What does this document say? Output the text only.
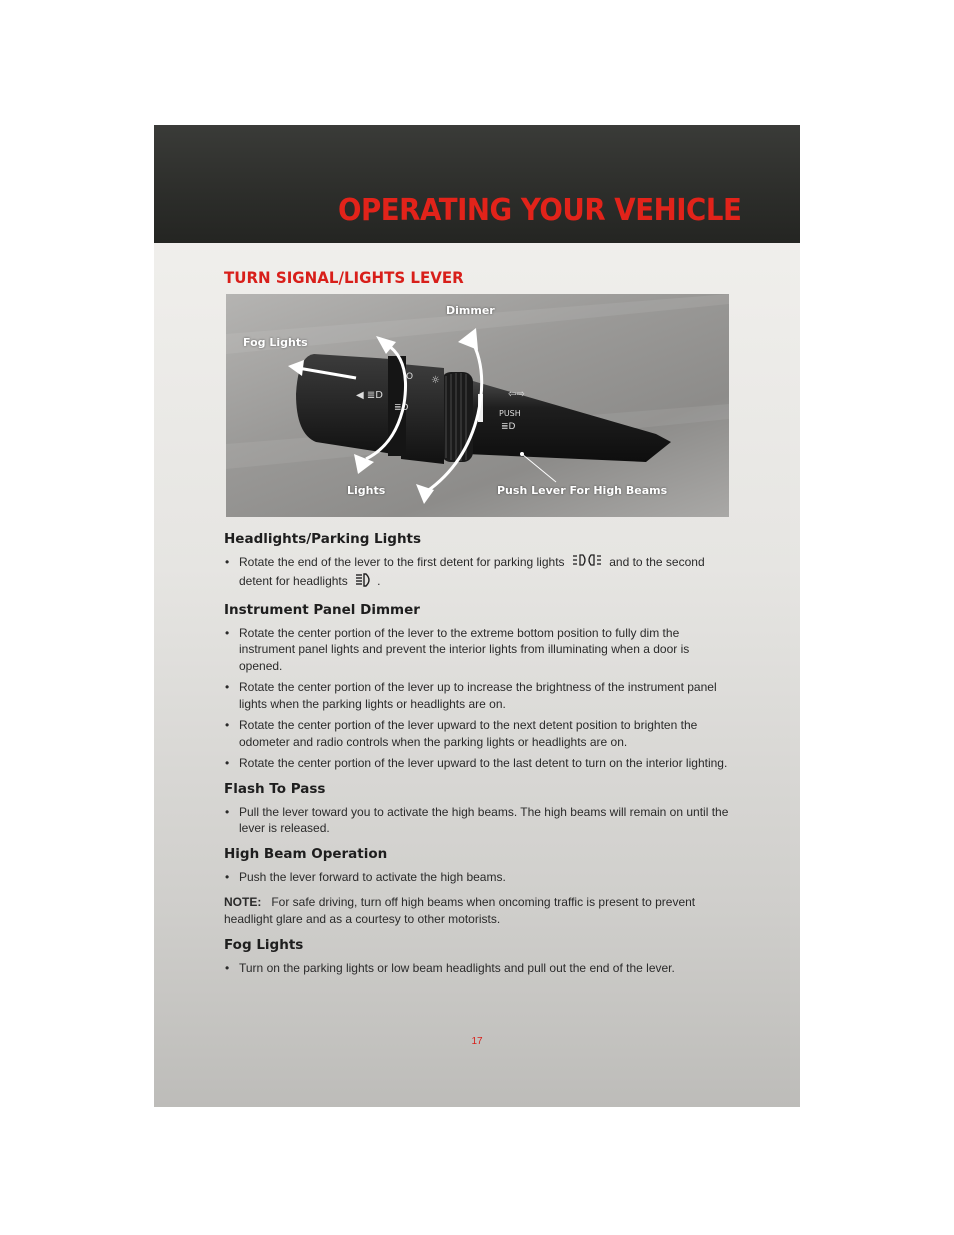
OPERATING YOUR VEHICLE
TURN SIGNAL/LIGHTS LEVER
O ☼
◀ ≣D
≣D
PUSH
⇦⇨
≣D
Dimmer
Fog Lights
Lights	Push Lever For High Beams
Headlights/Parking Lights
• Rotate the end of the lever to the first detent for parking lights	and to the second detent for headlights .
Instrument Panel Dimmer
• Rotate the center portion of the lever to the extreme bottom position to fully dim the instrument panel lights and prevent the interior lights from illuminating when a door is opened.
• Rotate the center portion of the lever up to increase the brightness of the instrument panel lights when the parking lights or headlights are on.
• Rotate the center portion of the lever upward to the next detent position to brighten the odometer and radio controls when the parking lights or headlights are on.
• Rotate the center portion of the lever upward to the last detent to turn on the interior lighting.
Flash To Pass
• Pull the lever toward you to activate the high beams. The high beams will remain on until the lever is released.
High Beam Operation
• Push the lever forward to activate the high beams.

NOTE: For safe driving, turn off high beams when oncoming traffic is present to prevent headlight glare and as a courtesy to other motorists.

Fog Lights
• Turn on the parking lights or low beam headlights and pull out the end of the lever.
17
